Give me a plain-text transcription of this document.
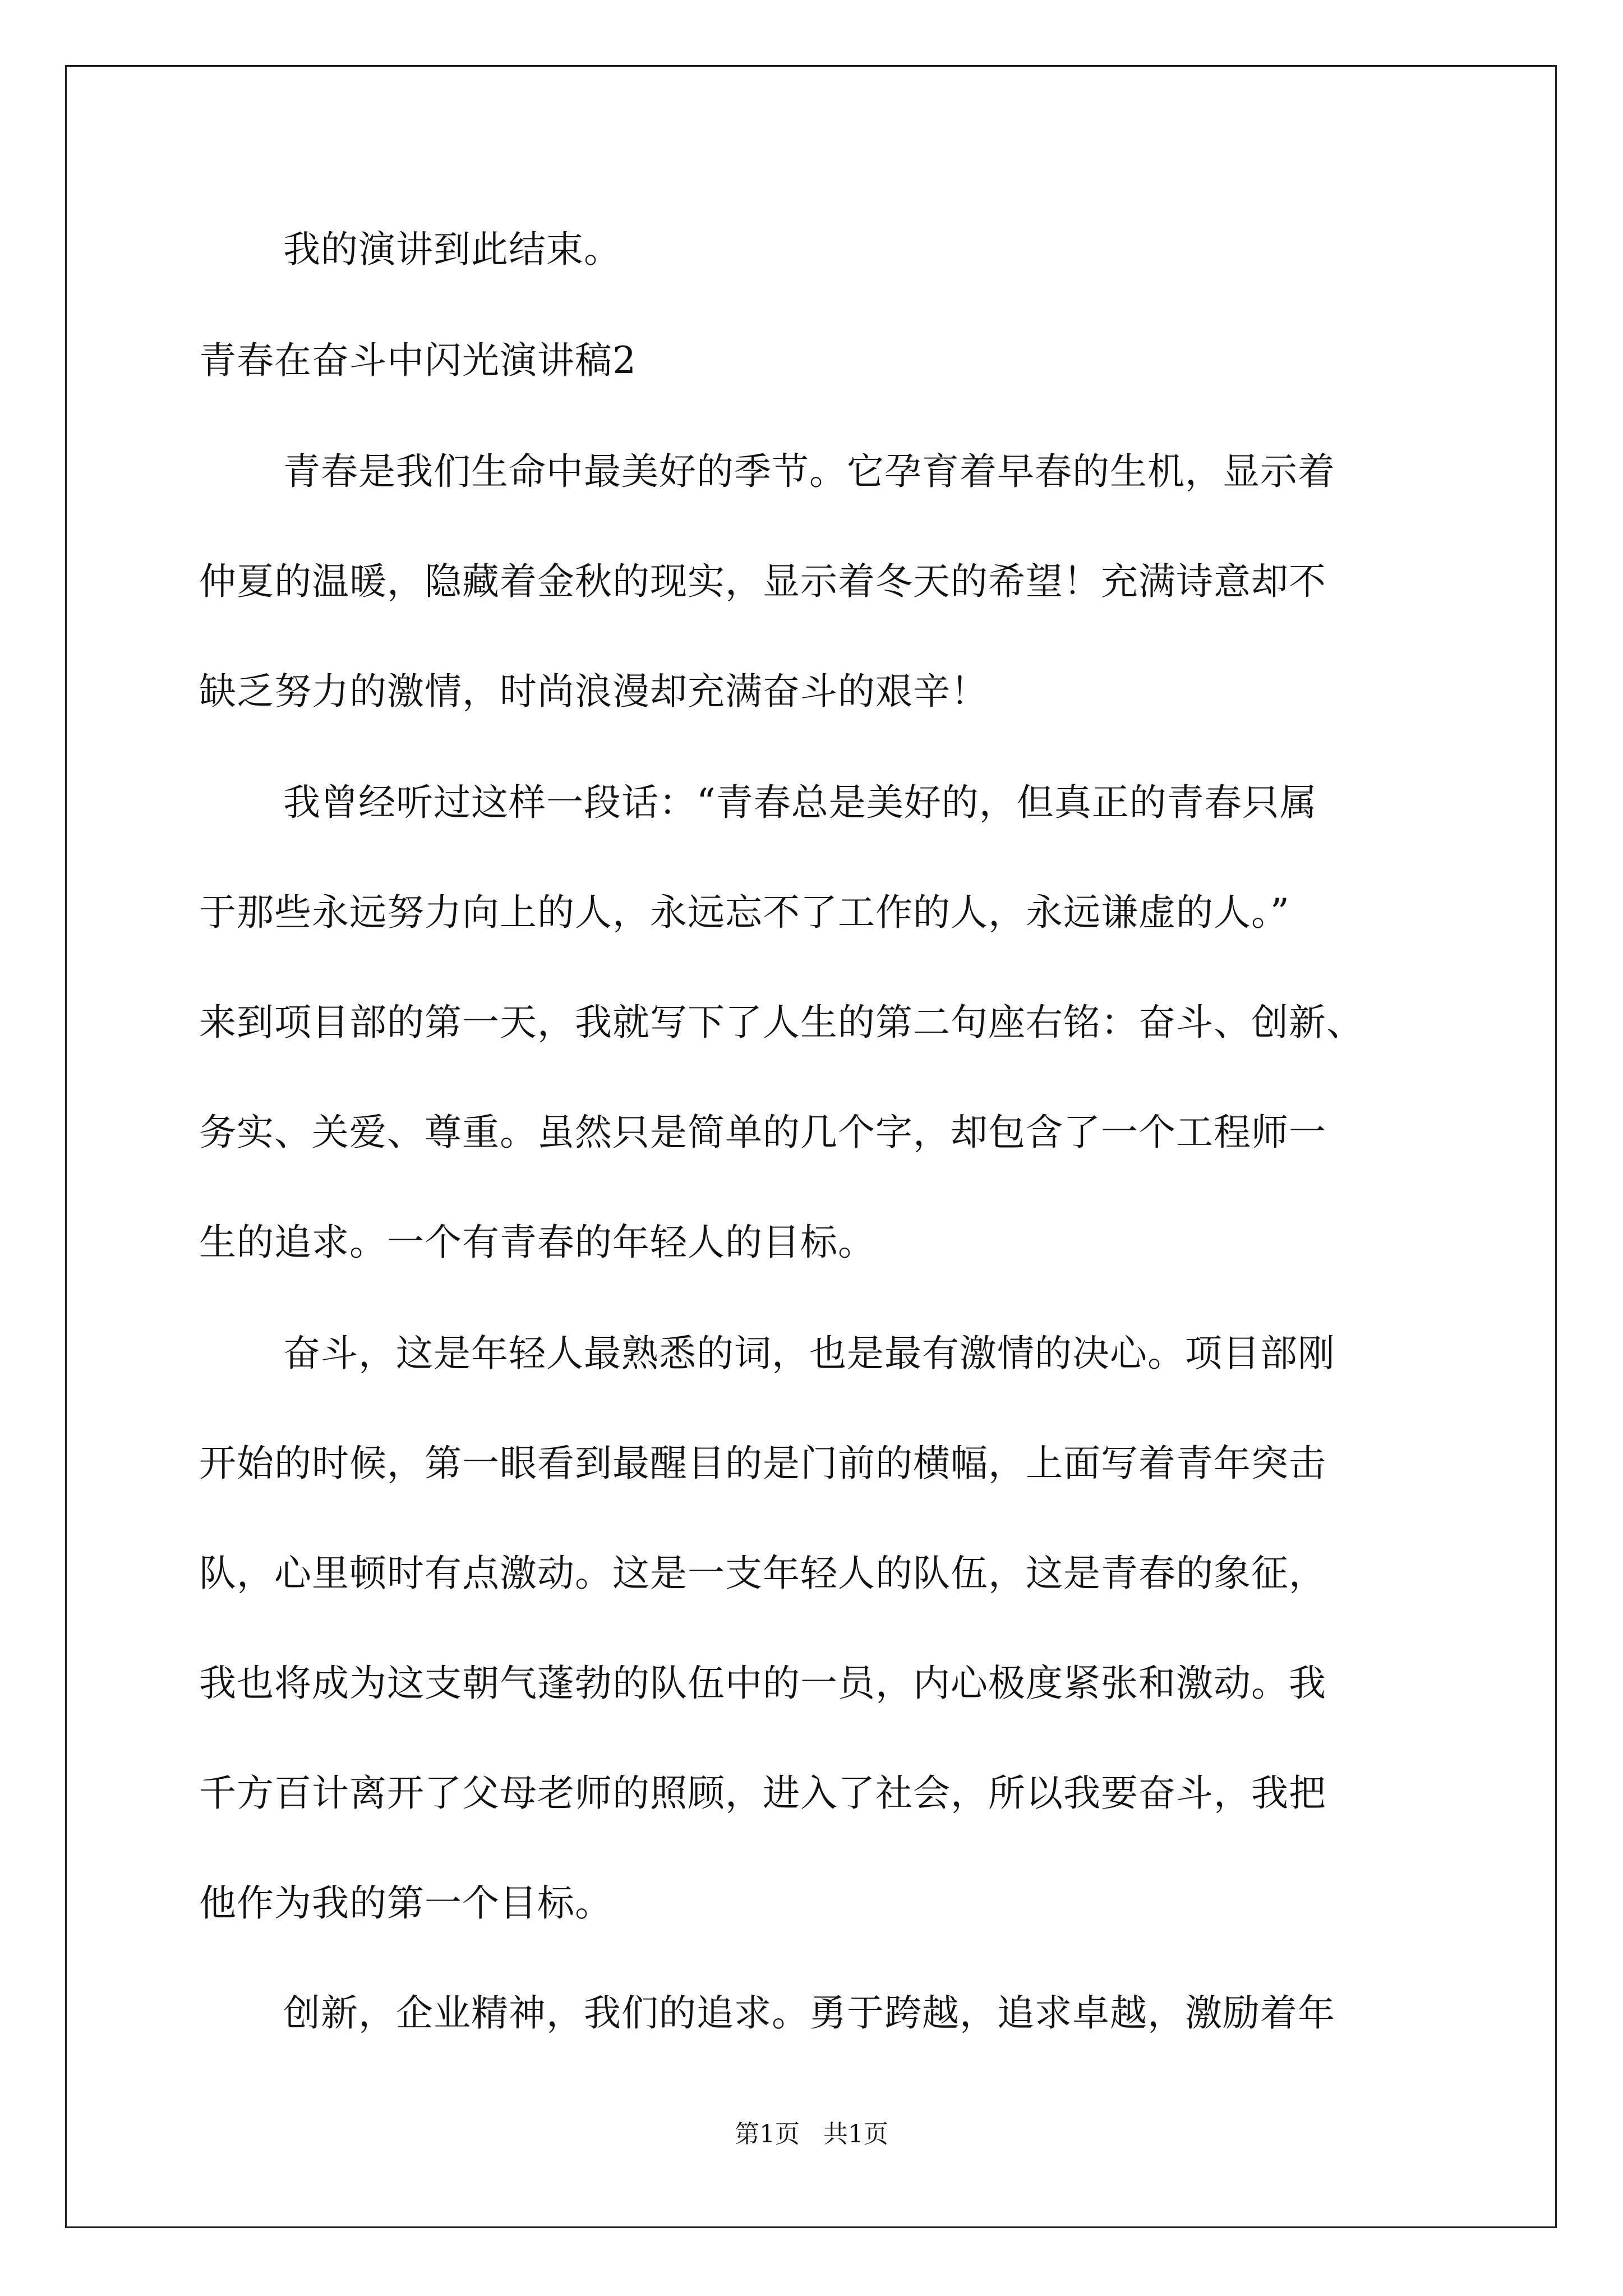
我的演讲到此结束。
青春在奋斗中闪光演讲稿2
青春是我们生命中最美好的季节。它孕育着早春的生机，显示着
仲夏的温暖，隐藏着金秋的现实，显示着冬天的希望！充满诗意却不
缺乏努力的激情，时尚浪漫却充满奋斗的艰辛！
我曾经听过这样一段话：“青春总是美好的，但真正的青春只属
于那些永远努力向上的人，永远忘不了工作的人，永远谦虚的人。”
来到项目部的第一天，我就写下了人生的第二句座右铭：奋斗、创新、
务实、关爱、尊重。虽然只是简单的几个字，却包含了一个工程师一
生的追求。一个有青春的年轻人的目标。
奋斗，这是年轻人最熟悉的词，也是最有激情的决心。项目部刚
开始的时候，第一眼看到最醒目的是门前的横幅，上面写着青年突击
队，心里顿时有点激动。这是一支年轻人的队伍，这是青春的象征，
我也将成为这支朝气蓬勃的队伍中的一员，内心极度紧张和激动。我
千方百计离开了父母老师的照顾，进入了社会，所以我要奋斗，我把
他作为我的第一个目标。
创新，企业精神，我们的追求。勇于跨越，追求卓越，激励着年
第1页   共1页
